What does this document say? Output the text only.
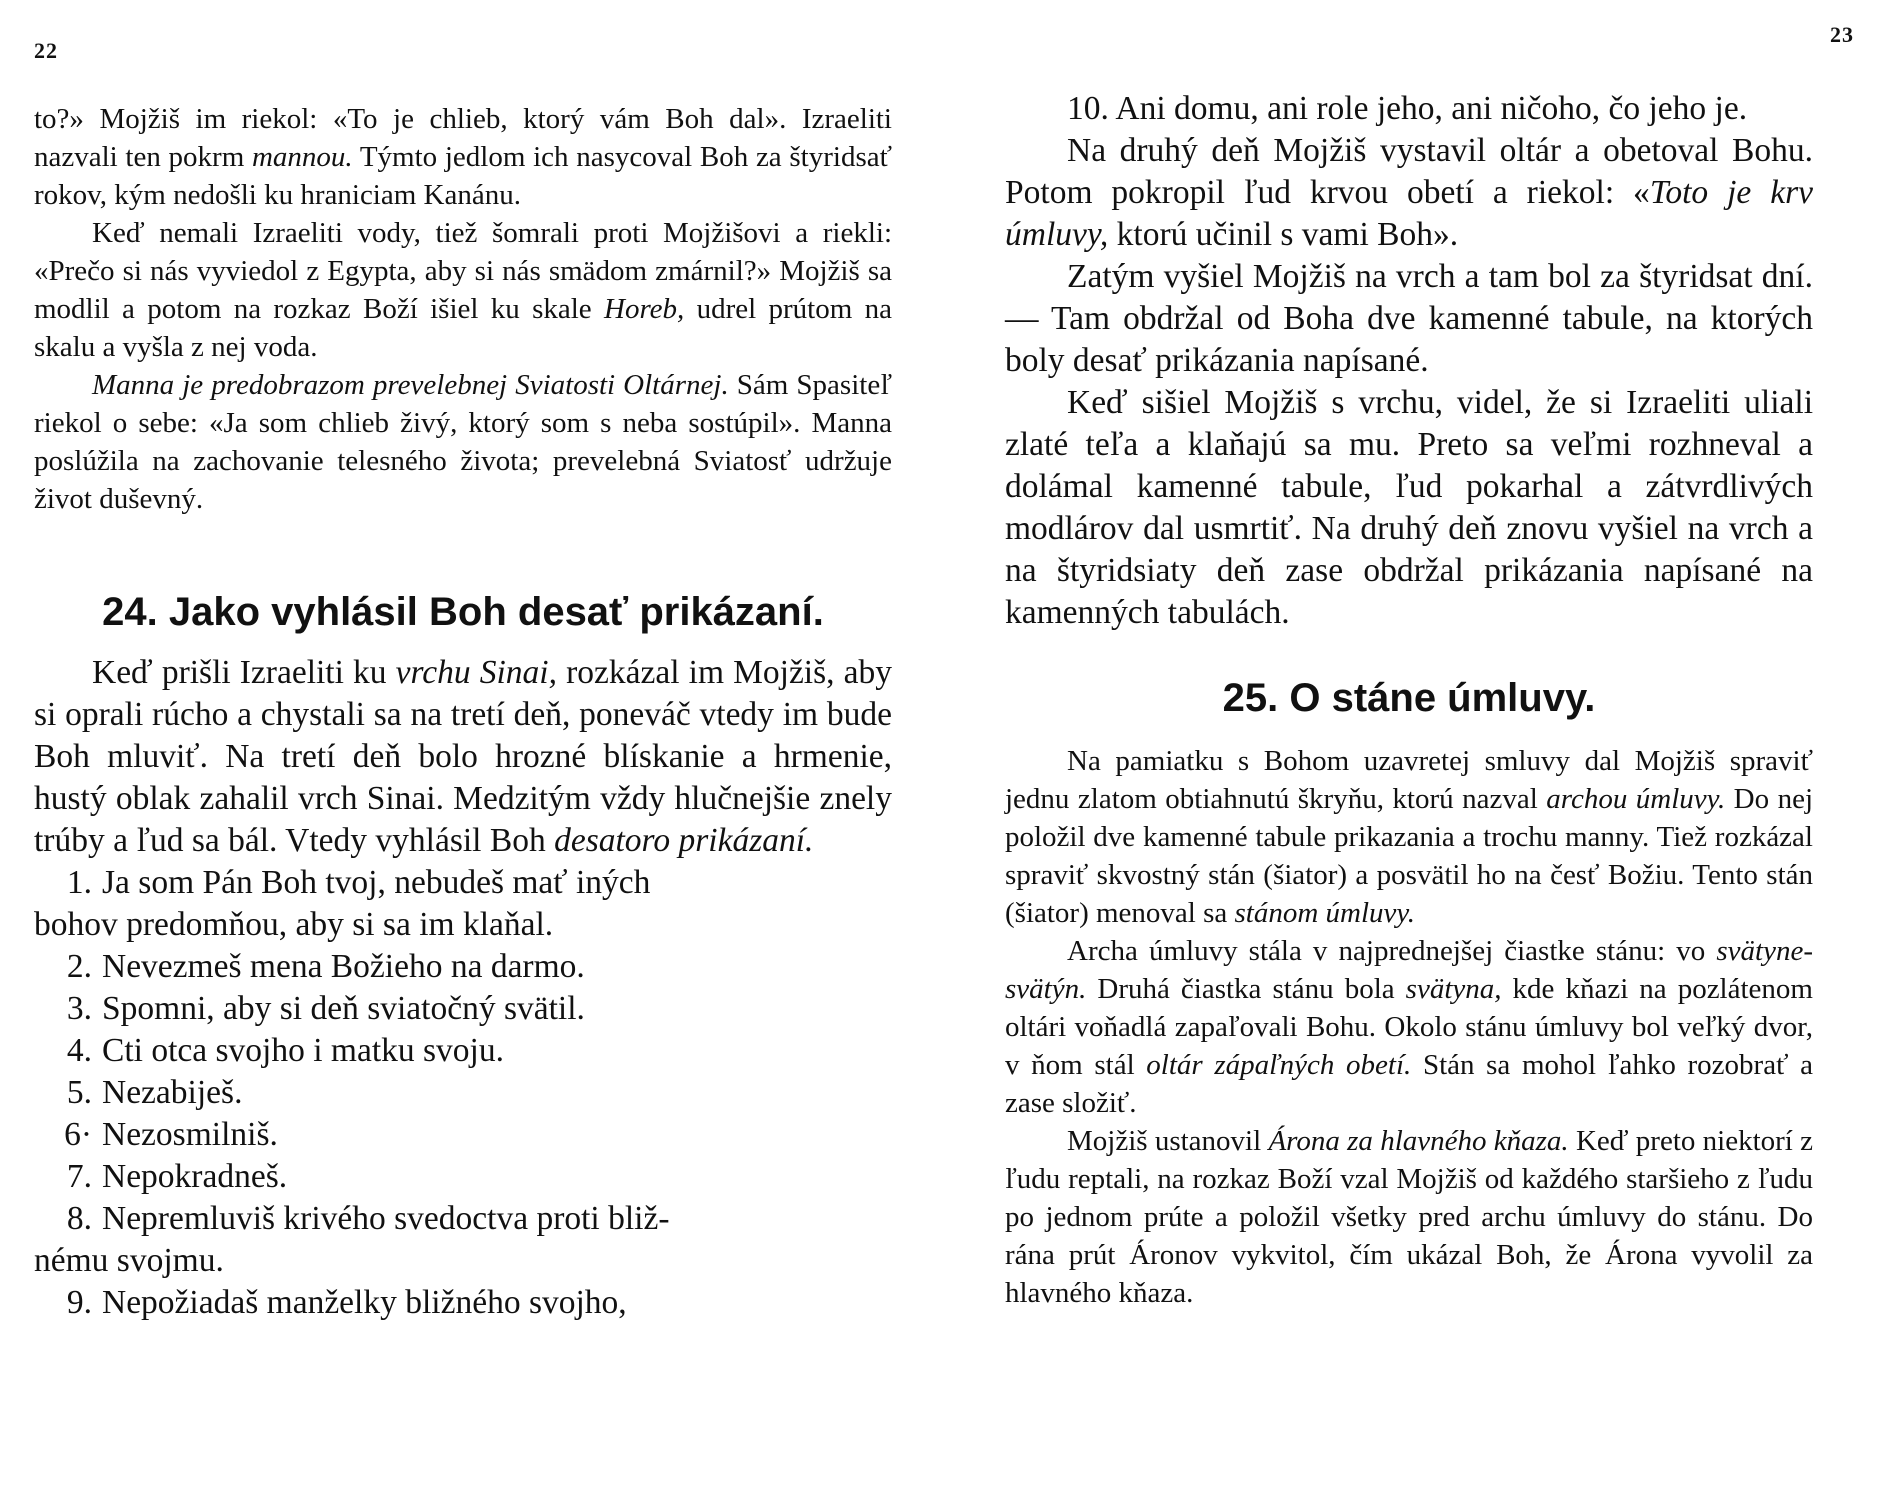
22

to?» Mojžiš im riekol: «To je chlieb, ktorý vám Boh dal». Izraeliti nazvali ten pokrm mannou. Týmto jedlom ich nasycoval Boh za štyridsať rokov, kým nedošli ku hraniciam Kanánu.

Keď nemali Izraeliti vody, tiež šomrali proti Mojžišovi a riekli: «Prečo si nás vyviedol z Egypta, aby si nás smädom zmárnil?» Mojžiš sa modlil a potom na rozkaz Boží išiel ku skale Horeb, udrel prútom na skalu a vyšla z nej voda.

Manna je predobrazom prevelebnej Sviatosti Oltárnej. Sám Spasiteľ riekol o sebe: «Ja som chlieb živý, ktorý som s neba sostúpil». Manna poslúžila na zachovanie telesného života; prevelebná Sviatosť udržuje život duševný.

24. Jako vyhlásil Boh desať prikázaní.

Keď prišli Izraeliti ku vrchu Sinai, rozkázal im Mojžiš, aby si oprali rúcho a chystali sa na tretí deň, poneváč vtedy im bude Boh mluviť. Na tretí deň bolo hrozné blískanie a hrmenie, hustý oblak zahalil vrch Sinai. Medzitým vždy hlučnejšie znely trúby a ľud sa bál. Vtedy vyhlásil Boh desatoro prikázaní.

1. Ja som Pán Boh tvoj, nebudeš mať iných
bohov predomňou, aby si sa im klaňal.
2. Nevezmeš mena Božieho na darmo.
3. Spomni, aby si deň sviatočný svätil.
4. Cti otca svojho i matku svoju.
5. Nezabiješ.
6· Nezosmilniš.
7. Nepokradneš.
8. Nepremluviš krivého svedoctva proti bliž-
nému svojmu.
9. Nepožiadaš manželky bližného svojho,
23

10. Ani domu, ani role jeho, ani ničoho, čo jeho je.

Na druhý deň Mojžiš vystavil oltár a obetoval Bohu. Potom pokropil ľud krvou obetí a riekol: «Toto je krv úmluvy, ktorú učinil s vami Boh».

Zatým vyšiel Mojžiš na vrch a tam bol za štyridsat dní. — Tam obdržal od Boha dve kamenné tabule, na ktorých boly desať prikázania napísané.

Keď sišiel Mojžiš s vrchu, videl, že si Izraeliti uliali zlaté teľa a klaňajú sa mu. Preto sa veľmi rozhneval a dolámal kamenné tabule, ľud pokarhal a zátvrdlivých modlárov dal usmrtiť. Na druhý deň znovu vyšiel na vrch a na štyridsiaty deň zase obdržal prikázania napísané na kamenných tabulách.

25. O stáne úmluvy.

Na pamiatku s Bohom uzavretej smluvy dal Mojžiš spraviť jednu zlatom obtiahnutú škryňu, ktorú nazval archou úmluvy. Do nej položil dve kamenné tabule prikazania a trochu manny. Tiež rozkázal spraviť skvostný stán (šiator) a posvätil ho na česť Božiu. Tento stán (šiator) menoval sa stánom úmluvy.

Archa úmluvy stála v najprednejšej čiastke stánu: vo svätyne-svätýn. Druhá čiastka stánu bola svätyna, kde kňazi na pozlátenom oltári voňadlá zapaľovali Bohu. Okolo stánu úmluvy bol veľký dvor, v ňom stál oltár zápaľných obetí. Stán sa mohol ľahko rozobrať a zase složiť.

Mojžiš ustanovil Árona za hlavného kňaza. Keď preto niektorí z ľudu reptali, na rozkaz Boží vzal Mojžiš od každého staršieho z ľudu po jednom prúte a položil všetky pred archu úmluvy do stánu. Do rána prút Áronov vykvitol, čím ukázal Boh, že Árona vyvolil za hlavného kňaza.
